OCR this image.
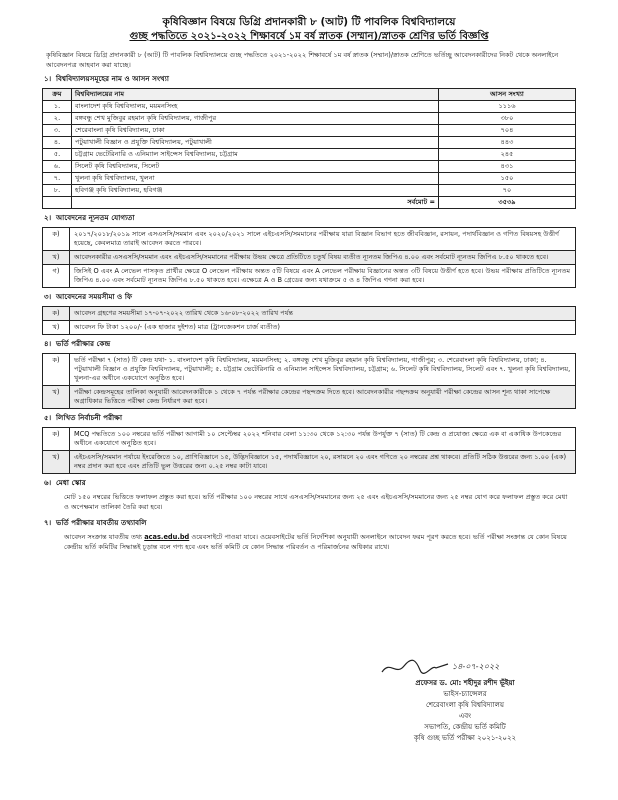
কৃষিবিজ্ঞান বিষয়ে ডিগ্রি প্রদানকারী ৮ (আট) টি পাবলিক বিশ্ববিদ্যালয়ে
গুচ্ছ পদ্ধতিতে ২০২১-২০২২ শিক্ষাবর্ষে ১ম বর্ষ স্নাতক (সম্মান)/স্নাতক শ্রেণির ভর্তি বিজ্ঞপ্তি
কৃষিবিজ্ঞান বিষয়ে ডিগ্রি প্রদানকারী ৮ (আট) টি পাবলিক বিশ্ববিদ্যালয়ে গুচ্ছ পদ্ধতিতে ২০২১-২০২২ শিক্ষাবর্ষে ১ম বর্ষ স্নাতক (সম্মান)/স্নাতক শ্রেণিতে ভর্তিচ্ছু আবেদনকারীদের নিকট থেকে অনলাইনে আবেদনপত্র আহবান করা যাচ্ছে।
১। বিশ্ববিদ্যালয়সমূহের নাম ও আসন সংখ্যা
ক্রম	বিশ্ববিদ্যালয়ের নাম	আসন সংখ্যা
১.	বাংলাদেশ কৃষি বিশ্ববিদ্যালয়, ময়মনসিংহ	১১১৬
২.	বঙ্গবন্ধু শেখ মুজিবুর রহমান কৃষি বিশ্ববিদ্যালয়, গাজীপুর	৩৮০
৩.	শেরেবাংলা কৃষি বিশ্ববিদ্যালয়, ঢাকা	৭০৪
৪.	পটুয়াখালী বিজ্ঞান ও প্রযুক্তি বিশ্ববিদ্যালয়, পটুয়াখালী	৪৪৩
৫.	চট্টগ্রাম ভেটেরিনারি ও এনিম্যাল সাইন্সেস বিশ্ববিদ্যালয়, চট্টগ্রাম	২৪৫
৬.	সিলেট কৃষি বিশ্ববিদ্যালয়, সিলেট	৪৩১
৭.	খুলনা কৃষি বিশ্ববিদ্যালয়, খুলনা	১৫০
৮.	হবিগঞ্জ কৃষি বিশ্ববিদ্যালয়, হবিগঞ্জ	৭০
	সর্বমোট =	৩৫৩৯
২। আবেদনের ন্যূনতম যোগ্যতা
ক)	২০১৭/২০১৮/২০১৯ সালে এসএসসি/সমমান এবং ২০২০/২০২১ সালে এইচএসসি/সমমানের পরীক্ষায় যারা বিজ্ঞান বিভাগ হতে জীববিজ্ঞান, রসায়ন, পদার্থবিজ্ঞান ও গণিত বিষয়সহ উত্তীর্ণ হয়েছে, কেবলমাত্র তারাই আবেদন করতে পারবে।
খ)	আবেদনকারীর এসএসসি/সমমান এবং এইচএসসি/সমমানের পরীক্ষায় উভয় ক্ষেত্রে প্রতিটিতে চতুর্থ বিষয় ব্যতীত ন্যূনতম জিপিএ ৪.০০ এবং সর্বমোট ন্যূনতম জিপিএ ৮.৫০ থাকতে হবে।
গ)	জিসিই O এবং A লেভেল পাসকৃত প্রার্থীর ক্ষেত্রে O লেভেল পরীক্ষায় অন্তত ৫টি বিষয়ে এবং A লেভেল পরীক্ষায় বিজ্ঞানের অন্তত ৩টি বিষয়ে উত্তীর্ণ হতে হবে। উভয় পরীক্ষায় প্রতিটিতে ন্যূনতম জিপিএ ৪.০০ এবং সর্বমোট ন্যূনতম জিপিএ ৮.৫০ থাকতে হবে। এক্ষেত্রে A ও B গ্রেডের জন্য যথাক্রমে ৫ ও ৪ জিপিএ গণনা করা হবে।
৩। আবেদনের সময়সীমা ও ফি
ক)	আবেদন গ্রহণের সময়সীমা ১৭-০৭-২০২২ তারিখ থেকে ১৬-০৮-২০২২ তারিখ পর্যন্ত
খ)	আবেদন ফি টাকা ১২০০/- (এক হাজার দুইশত) মাত্র (ট্রানজেকশন চার্জ ব্যতীত)
৪। ভর্তি পরীক্ষার কেন্দ্র
ক)	ভর্তি পরীক্ষা ৭ (সাত) টি কেন্দ্র যথা- ১. বাংলাদেশ কৃষি বিশ্ববিদ্যালয়, ময়মনসিংহ; ২. বঙ্গবন্ধু শেখ মুজিবুর রহমান কৃষি বিশ্ববিদ্যালয়, গাজীপুর; ৩. শেরেবাংলা কৃষি বিশ্ববিদ্যালয়, ঢাকা; ৪. পটুয়াখালী বিজ্ঞান ও প্রযুক্তি বিশ্ববিদ্যালয়, পটুয়াখালী; ৫. চট্টগ্রাম ভেটেরিনারি ও এনিম্যাল সাইন্সেস বিশ্ববিদ্যালয়, চট্টগ্রাম; ৬. সিলেট কৃষি বিশ্ববিদ্যালয়, সিলেট এবং ৭. খুলনা কৃষি বিশ্ববিদ্যালয়, খুলনা-এর অধীনে একযোগে অনুষ্ঠিত হবে।
খ)	পরীক্ষা কেন্দ্রসমূহের তালিকা অনুযায়ী আবেদনকারীকে ১ থেকে ৭ পর্যন্ত পরীক্ষার কেন্দ্রের পছন্দক্রম দিতে হবে। আবেদনকারীর পছন্দক্রম অনুযায়ী পরীক্ষা কেন্দ্রের আসন শূন্য থাকা সাপেক্ষে অগ্রাধিকার ভিত্তিতে পরীক্ষা কেন্দ্র নির্ধারণ করা হবে।
৫। লিখিত নির্বাচনী পরীক্ষা
ক)	MCQ পদ্ধতিতে ১০০ নম্বরের ভর্তি পরীক্ষা আগামী ১০ সেপ্টেম্বর ২০২২ শনিবার বেলা ১১:৩০ থেকে ১২:৩০ পর্যন্ত উপর্যুক্ত ৭ (সাত) টি কেন্দ্র ও প্রযোজ্য ক্ষেত্রে এক বা একাধিক উপকেন্দ্রের অধীনে একযোগে অনুষ্ঠিত হবে।
খ)	এইচএসসি/সমমান পর্যায়ে ইংরেজিতে ১০, প্রাণিবিজ্ঞানে ১৫, উদ্ভিদবিজ্ঞানে ১৫, পদার্থবিজ্ঞানে ২০, রসায়নে ২০ এবং গণিতে ২০ নম্বরের প্রশ্ন থাকবে। প্রতিটি সঠিক উত্তরের জন্য ১.০০ (এক) নম্বর প্রদান করা হবে এবং প্রতিটি ভুল উত্তরের জন্য ০.২৫ নম্বর কাটা যাবে।
৬। মেধা স্কোর
মোট ১৫০ নম্বরের ভিত্তিতে ফলাফল প্রস্তুত করা হবে। ভর্তি পরীক্ষার ১০০ নম্বরের সাথে এসএসসি/সমমানের জন্য ২৫ এবং এইচএসসি/সমমানের জন্য ২৫ নম্বর যোগ করে ফলাফল প্রস্তুত করে মেধা ও অপেক্ষমান তালিকা তৈরি করা হবে।
৭। ভর্তি পরীক্ষার যাবতীয় তথ্যাবলি
আবেদন সংক্রান্ত যাবতীয় তথ্য acas.edu.bd ওয়েবসাইটে পাওয়া যাবে। ওয়েবসাইটের ভর্তি নির্দেশিকা অনুযায়ী অনলাইনে আবেদন ফরম পূরণ করতে হবে। ভর্তি পরীক্ষা সংক্রান্ত যে কোন বিষয়ে কেন্দ্রীয় ভর্তি কমিটির সিদ্ধান্তই চূড়ান্ত বলে গণ্য হবে এবং ভর্তি কমিটি যে কোন সিদ্ধান্ত পরিবর্তন ও পরিমার্জনের অধিকার রাখে।
১৪-০৭-২০২২
প্রফেসর ড. মো: শহীদুর রশীদ ভূঁইয়া
ভাইস-চ্যান্সেলর
শেরেবাংলা কৃষি বিশ্ববিদ্যালয়
এবং
সভাপতি, কেন্দ্রীয় ভর্তি কমিটি
কৃষি গুচ্ছ ভর্তি পরীক্ষা ২০২১-২০২২
